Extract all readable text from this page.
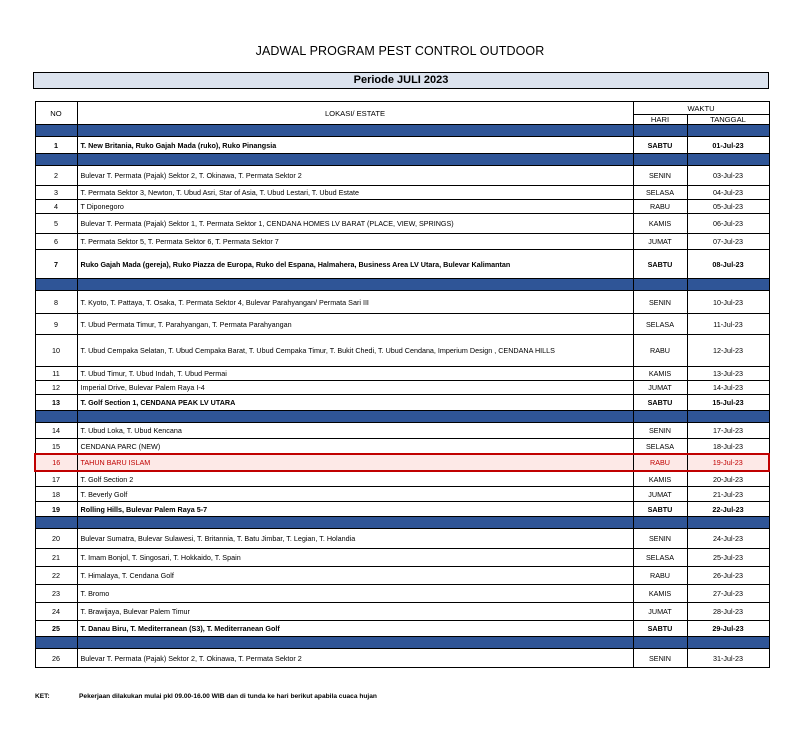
JADWAL PROGRAM PEST CONTROL OUTDOOR
Periode JULI 2023
NO	LOKASI/ ESTATE	WAKTU	
		HARI	TANGGAL

1	T. New Britania, Ruko Gajah Mada (ruko), Ruko Pinangsia	SABTU	01-Jul-23

2	Bulevar T. Permata (Pajak) Sektor 2, T. Okinawa, T. Permata Sektor 2	SENIN	03-Jul-23
3	T. Permata Sektor 3, Newton, T. Ubud Asri, Star of Asia, T. Ubud Lestari, T. Ubud Estate	SELASA	04-Jul-23
4	T Diponegoro	RABU	05-Jul-23
5	Bulevar T. Permata (Pajak) Sektor 1, T. Permata Sektor 1, CENDANA HOMES LV BARAT (PLACE, VIEW, SPRINGS)	KAMIS	06-Jul-23
6	T. Permata Sektor 5, T. Permata Sektor 6, T. Permata Sektor 7	JUMAT	07-Jul-23
7	Ruko Gajah Mada (gereja), Ruko Piazza de Europa, Ruko del Espana, Halmahera, Business Area LV Utara, Bulevar Kalimantan	SABTU	08-Jul-23

8	T. Kyoto, T. Pattaya, T. Osaka, T. Permata Sektor 4, Bulevar Parahyangan/ Permata Sari III	SENIN	10-Jul-23
9	T. Ubud Permata Timur, T. Parahyangan, T. Permata Parahyangan	SELASA	11-Jul-23
10	T. Ubud Cempaka Selatan, T. Ubud Cempaka Barat, T. Ubud Cempaka Timur, T. Bukit Chedi, T. Ubud Cendana, Imperium Design , CENDANA HILLS	RABU	12-Jul-23
11	T. Ubud Timur, T. Ubud Indah, T. Ubud Permai	KAMIS	13-Jul-23
12	Imperial Drive, Bulevar Palem Raya I-4	JUMAT	14-Jul-23
13	T. Golf Section 1, CENDANA PEAK LV UTARA	SABTU	15-Jul-23

14	T. Ubud Loka, T. Ubud Kencana	SENIN	17-Jul-23
15	CENDANA PARC (NEW)	SELASA	18-Jul-23
16	TAHUN BARU ISLAM	RABU	19-Jul-23
17	T. Golf Section 2	KAMIS	20-Jul-23
18	T. Beverly Golf	JUMAT	21-Jul-23
19	Rolling Hills, Bulevar Palem Raya 5-7	SABTU	22-Jul-23

20	Bulevar Sumatra, Bulevar Sulawesi, T. Britannia, T. Batu Jimbar, T. Legian, T. Holandia	SENIN	24-Jul-23
21	T. Imam Bonjol, T. Singosari, T. Hokkaido, T. Spain	SELASA	25-Jul-23
22	T. Himalaya, T. Cendana Golf	RABU	26-Jul-23
23	T. Bromo	KAMIS	27-Jul-23
24	T. Brawijaya, Bulevar Palem Timur	JUMAT	28-Jul-23
25	T. Danau Biru, T. Mediterranean (S3), T. Mediterranean Golf	SABTU	29-Jul-23

26	Bulevar T. Permata (Pajak) Sektor 2, T. Okinawa, T. Permata Sektor 2	SENIN	31-Jul-23
KET:	Pekerjaan dilakukan mulai pkl 09.00-16.00 WIB dan di tunda ke hari berikut apabila cuaca hujan
